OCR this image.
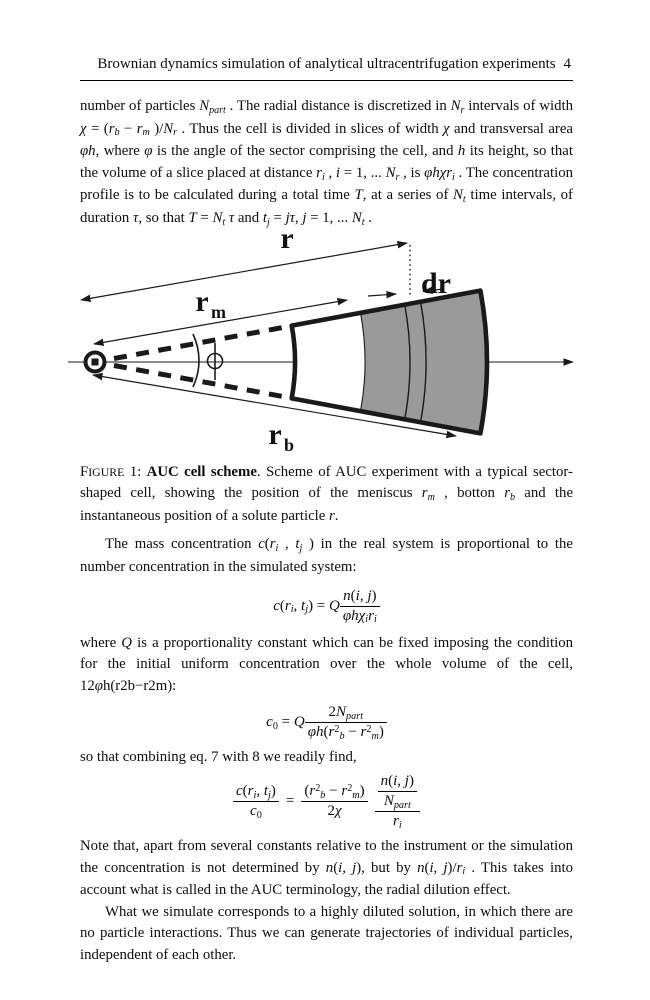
Brownian dynamics simulation of analytical ultracentrifugation experiments 4

number of particles Npart . The radial distance is discretized in Nr intervals of width χ = (rb − rm )/Nr . Thus the cell is divided in slices of width χ and transversal area φh, where φ is the angle of the sector comprising the cell, and h its height, so that the volume of a slice placed at distance ri , i = 1, ... Nr , is φhχri . The concentration profile is to be calculated during a total time T, at a series of Nt time intervals, of duration τ, so that T = Nt τ and tj = jτ, j = 1, ... Nt .

r
dr
r m
r b

FIGURE 1: AUC cell scheme. Scheme of AUC experiment with a typical sector-shaped cell, showing the position of the meniscus rm , botton rb and the instantaneous position of a solute particle r.

The mass concentration c(ri , tj ) in the real system is proportional to the number concentration in the simulated system:

c(ri, tj) = Q $\frac{n(i, j)}{\text{φhχiri}}$

where Q is a proportionality constant which can be fixed imposing the condition for the initial uniform concentration over the whole volume of the cell, 12φh(r2b−r2m):

c0 = Q $\frac{\text{2Npart}}{\varphi h(r^2b - r^2m)}$

so that combining eq. 7 with 8 we readily find,

$\frac{c(ri, tj)}{c0} = \frac{(r^2b - r^2m)}{2\chi} \frac{\frac{n(i, j)}{\text{Npart}}}{ri}$

Note that, apart from several constants relative to the instrument or the simulation the concentration is not determined by n(i, j), but by n(i, j)/ri . This takes into account what is called in the AUC terminology, the radial dilution effect.

What we simulate corresponds to a highly diluted solution, in which there are no particle interactions. Thus we can generate trajectories of individual particles, independent of each other.
